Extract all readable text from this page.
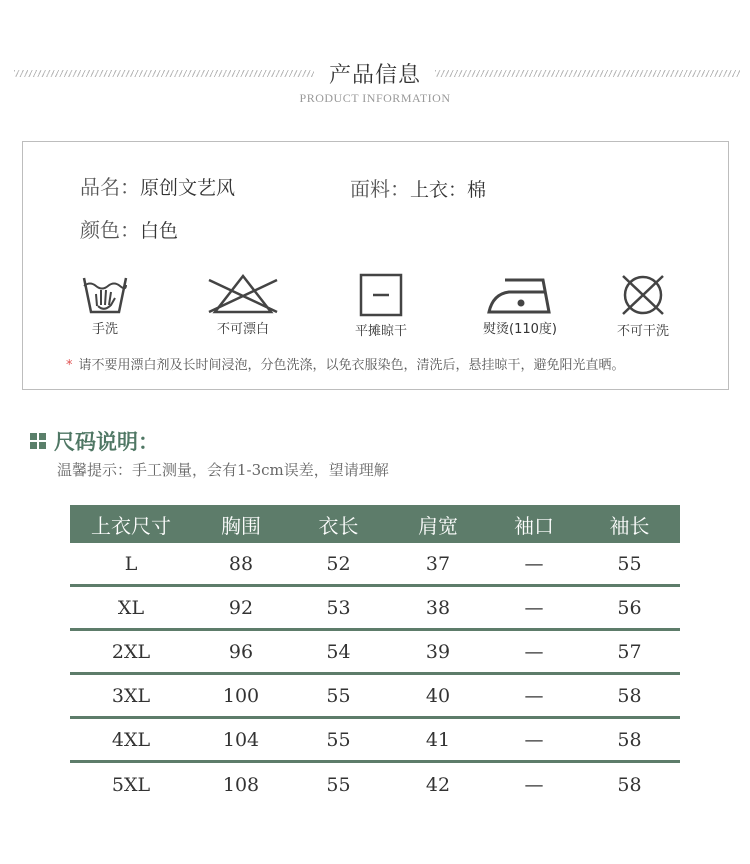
产品信息
PRODUCT INFORMATION
品名：原创文艺风	面料：上衣：棉
颜色：白色
手洗	不可漂白	平摊晾干	熨烫(110度)	不可干洗
* 请不要用漂白剂及长时间浸泡，分色洗涤，以免衣服染色，清洗后，悬挂晾干，避免阳光直晒。
尺码说明：
温馨提示：手工测量，会有1-3cm误差，望请理解
上衣尺寸	胸围	衣长	肩宽	袖口	袖长
L	88	52	37	—	55
XL	92	53	38	—	56
2XL	96	54	39	—	57
3XL	100	55	40	—	58
4XL	104	55	41	—	58
5XL	108	55	42	—	58
